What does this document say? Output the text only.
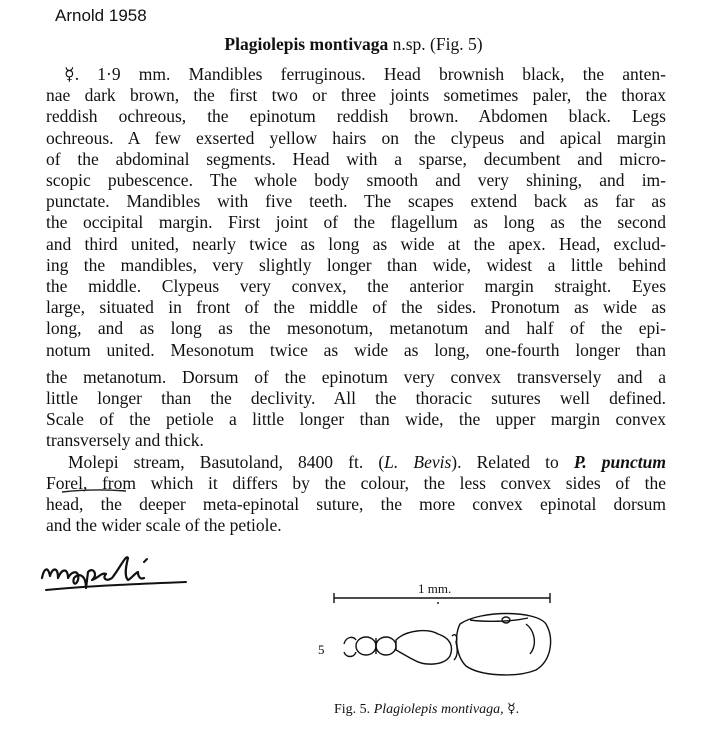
Arnold 1958
Plagiolepis montivaga n.sp. (Fig. 5)
☿. 1·9 mm. Mandibles ferruginous. Head brownish black, the anten-
nae dark brown, the first two or three joints sometimes paler, the thorax
reddish ochreous, the epinotum reddish brown. Abdomen black. Legs
ochreous. A few exserted yellow hairs on the clypeus and apical margin
of the abdominal segments. Head with a sparse, decumbent and micro-
scopic pubescence. The whole body smooth and very shining, and im-
punctate. Mandibles with five teeth. The scapes extend back as far as
the occipital margin. First joint of the flagellum as long as the second
and third united, nearly twice as long as wide at the apex. Head, exclud-
ing the mandibles, very slightly longer than wide, widest a little behind
the middle. Clypeus very convex, the anterior margin straight. Eyes
large, situated in front of the middle of the sides. Pronotum as wide as
long, and as long as the mesonotum, metanotum and half of the epi-
notum united. Mesonotum twice as wide as long, one-fourth longer than
the metanotum. Dorsum of the epinotum very convex transversely and a
little longer than the declivity. All the thoracic sutures well defined.
Scale of the petiole a little longer than wide, the upper margin convex
transversely and thick.
Molepi stream, Basutoland, 8400 ft. (L. Bevis). Related to P. punctum
Forel, from which it differs by the colour, the less convex sides of the
head, the deeper meta-epinotal suture, the more convex epinotal dorsum
and the wider scale of the petiole.
1 mm.
5
Fig. 5. Plagiolepis montivaga, ☿.
